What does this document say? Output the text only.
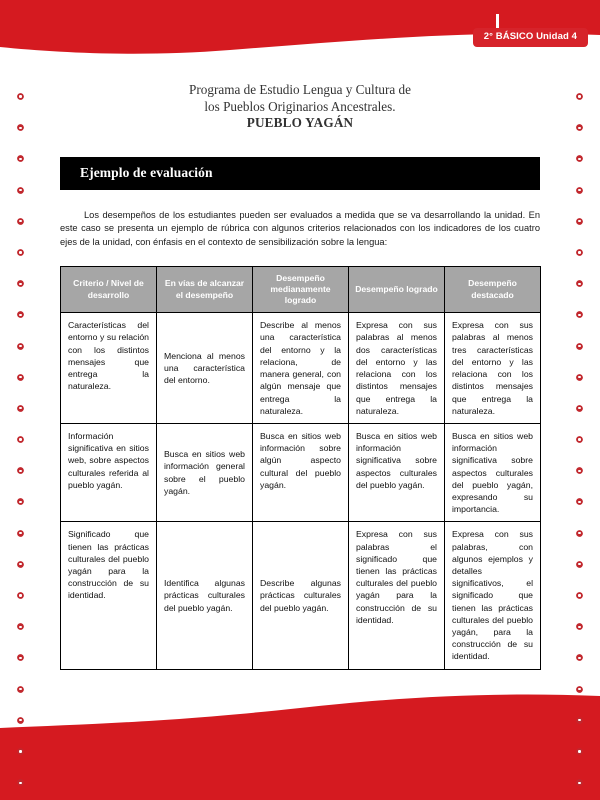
2° BÁSICO Unidad 4
Programa de Estudio Lengua y Cultura de
los Pueblos Originarios Ancestrales.
PUEBLO YAGÁN
Ejemplo de evaluación

Los desempeños de los estudiantes pueden ser evaluados a medida que se va desarrollando la unidad. En este caso se presenta un ejemplo de rúbrica con algunos criterios relacionados con los indicadores de los cuatro ejes de la unidad, con énfasis en el contexto de sensibilización sobre la lengua:

Criterio / Nivel de desarrollo	En vías de alcanzar el desempeño	Desempeño medianamente logrado	Desempeño logrado	Desempeño destacado
Características del entorno y su relación con los distintos mensajes que entrega la naturaleza.	Menciona al menos una característica del entorno.	Describe al menos una característica del entorno y la relaciona, de manera general, con algún mensaje que entrega la naturaleza.	Expresa con sus palabras al menos dos características del entorno y las relaciona con los distintos mensajes que entrega la naturaleza.	Expresa con sus palabras al menos tres características del entorno y las relaciona con los distintos mensajes que entrega la naturaleza.
Información significativa en sitios web, sobre aspectos culturales referida al pueblo yagán.	Busca en sitios web información general sobre el pueblo yagán.	Busca en sitios web información sobre algún aspecto cultural del pueblo yagán.	Busca en sitios web información significativa sobre aspectos culturales del pueblo yagán.	Busca en sitios web información significativa sobre aspectos culturales del pueblo yagán, expresando su importancia.
Significado que tienen las prácticas culturales del pueblo yagán para la construcción de su identidad.	Identifica algunas prácticas culturales del pueblo yagán.	Describe algunas prácticas culturales del pueblo yagán.	Expresa con sus palabras el significado que tienen las prácticas culturales del pueblo yagán para la construcción de su identidad.	Expresa con sus palabras, con algunos ejemplos y detalles significativos, el significado que tienen las prácticas culturales del pueblo yagán, para la construcción de su identidad.
